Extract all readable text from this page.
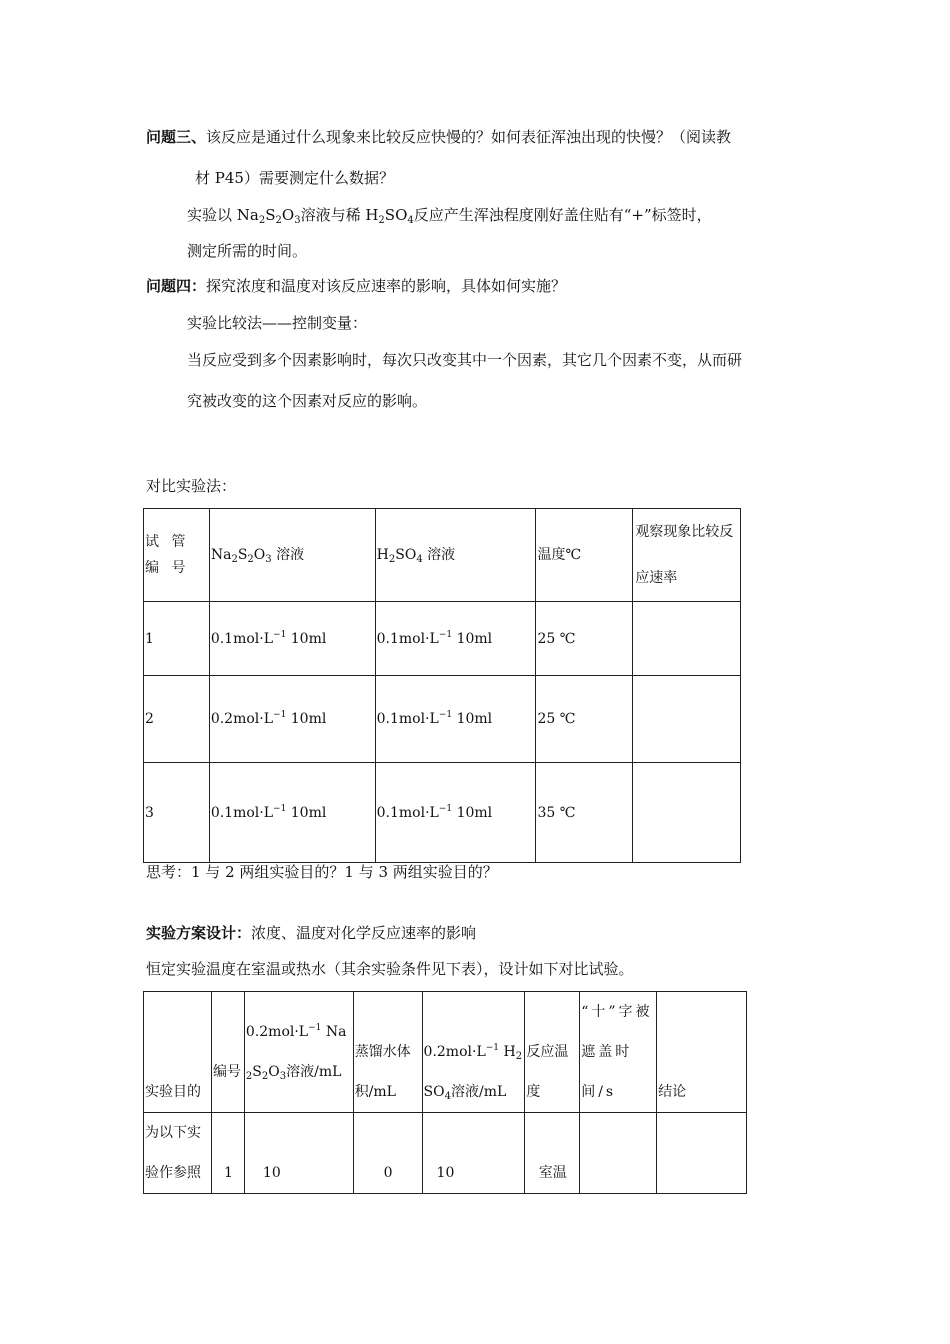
问题三、该反应是通过什么现象来比较反应快慢的？如何表征浑浊出现的快慢？（阅读教
材 P45）需要测定什么数据？
实验以 $Na_2S_2O_3$溶液与稀 $H_2SO_4$反应产生浑浊程度刚好盖住贴有“+”标签时，
测定所需的时间。
问题四：探究浓度和温度对该反应速率的影响，具体如何实施？
实验比较法——控制变量：
当反应受到多个因素影响时，每次只改变其中一个因素，其它几个因素不变，从而研
究被改变的这个因素对反应的影响。
对比实验法：
试 管 编 号	$Na_2S_2O_3$ 溶液	$H_2SO_4$ 溶液	温度℃	观察现象比较反应速率
1	$0.1mol\cdot L^{-1}$ 10ml	$0.1mol\cdot L^{-1}$ 10ml	25 ℃	
2	$0.2mol\cdot L^{-1}$ 10ml	$0.1mol\cdot L^{-1}$ 10ml	25 ℃	
3	$0.1mol\cdot L^{-1}$ 10ml	$0.1mol\cdot L^{-1}$ 10ml	35 ℃	
思考：1 与 2 两组实验目的？1 与 3 两组实验目的？
实验方案设计：浓度、温度对化学反应速率的影响
恒定实验温度在室温或热水（其余实验条件见下表），设计如下对比试验。
实验目的	编号	$0.2mol\cdot L^{-1}$ $Na_2S_2O_3$溶液/mL	蒸馏水体积/mL	$0.2mol\cdot L^{-1}$ $H_2SO_4$溶液/mL	反应温度	“十”字被遮盖时间/s	结论
为以下实验作参照	1	10	0	10	室温		
